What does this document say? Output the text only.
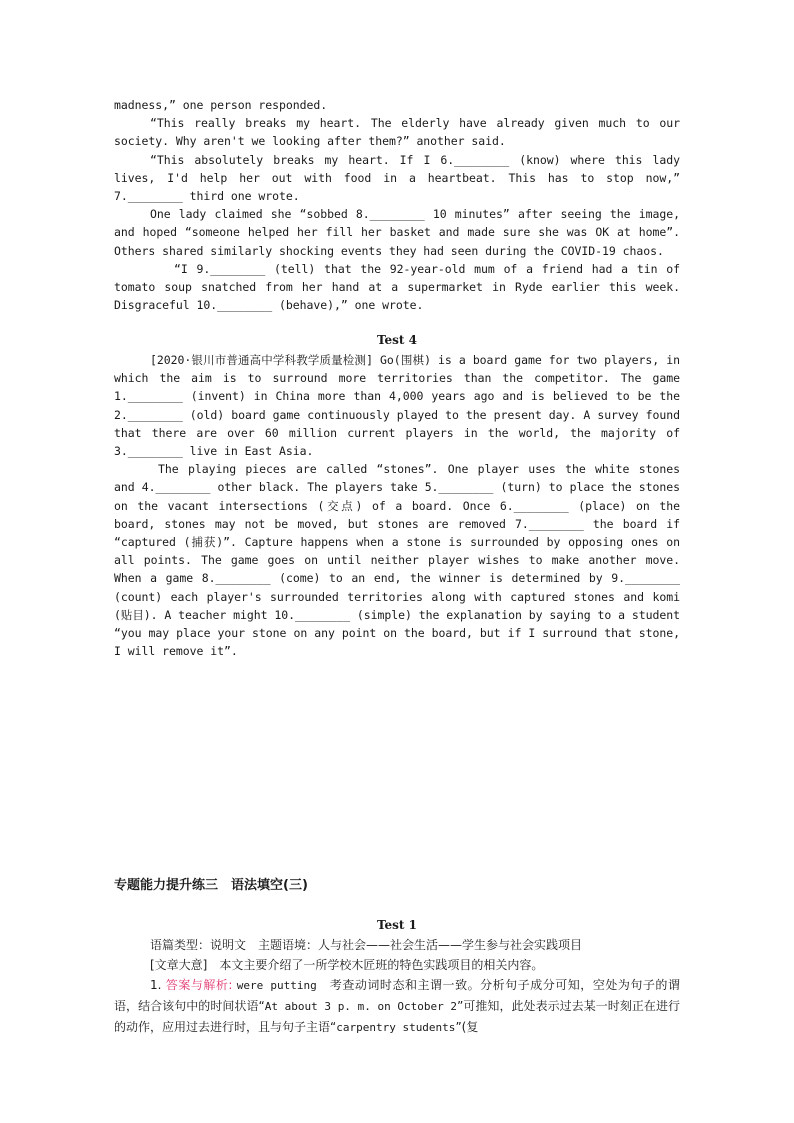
madness,” one person responded.

“This really breaks my heart. The elderly have already given much to our society. Why aren't we looking after them?” another said.

“This absolutely breaks my heart. If I 6.________ (know) where this lady lives, I'd help her out with food in a heartbeat. This has to stop now,” 7.________ third one wrote.

One lady claimed she “sobbed 8.________ 10 minutes” after seeing the image, and hoped “someone helped her fill her basket and made sure she was OK at home”. Others shared similarly shocking events they had seen during the COVID-19 chaos.

“I 9.________ (tell) that the 92-year-old mum of a friend had a tin of tomato soup snatched from her hand at a supermarket in Ryde earlier this week. Disgraceful 10.________ (behave),” one wrote.

Test 4

[2020·银川市普通高中学科教学质量检测] Go(围棋) is a board game for two players, in which the aim is to surround more territories than the competitor. The game 1.________ (invent) in China more than 4,000 years ago and is believed to be the 2.________ (old) board game continuously played to the present day. A survey found that there are over 60 million current players in the world, the majority of 3.________ live in East Asia.

The playing pieces are called “stones”. One player uses the white stones and 4.________ other black. The players take 5.________ (turn) to place the stones on the vacant intersections (交点) of a board. Once 6.________ (place) on the board, stones may not be moved, but stones are removed 7.________ the board if “captured (捕获)”. Capture happens when a stone is surrounded by opposing ones on all points. The game goes on until neither player wishes to make another move. When a game 8.________ (come) to an end, the winner is determined by 9.________ (count) each player's surrounded territories along with captured stones and komi (贴目). A teacher might 10.________ (simple) the explanation by saying to a student “you may place your stone on any point on the board, but if I surround that stone, I will remove it”.

专题能力提升练三　语法填空(三)

Test 1

语篇类型：说明文　主题语境：人与社会——社会生活——学生参与社会实践项目

[文章大意]　本文主要介绍了一所学校木匠班的特色实践项目的相关内容。

1. 答案与解析: were putting　 考查动词时态和主谓一致。分析句子成分可知，空处为句子的谓语，结合该句中的时间状语“At about 3 p. m. on October 2”可推知，此处表示过去某一时刻正在进行的动作，应用过去进行时，且与句子主语“carpentry students”(复
